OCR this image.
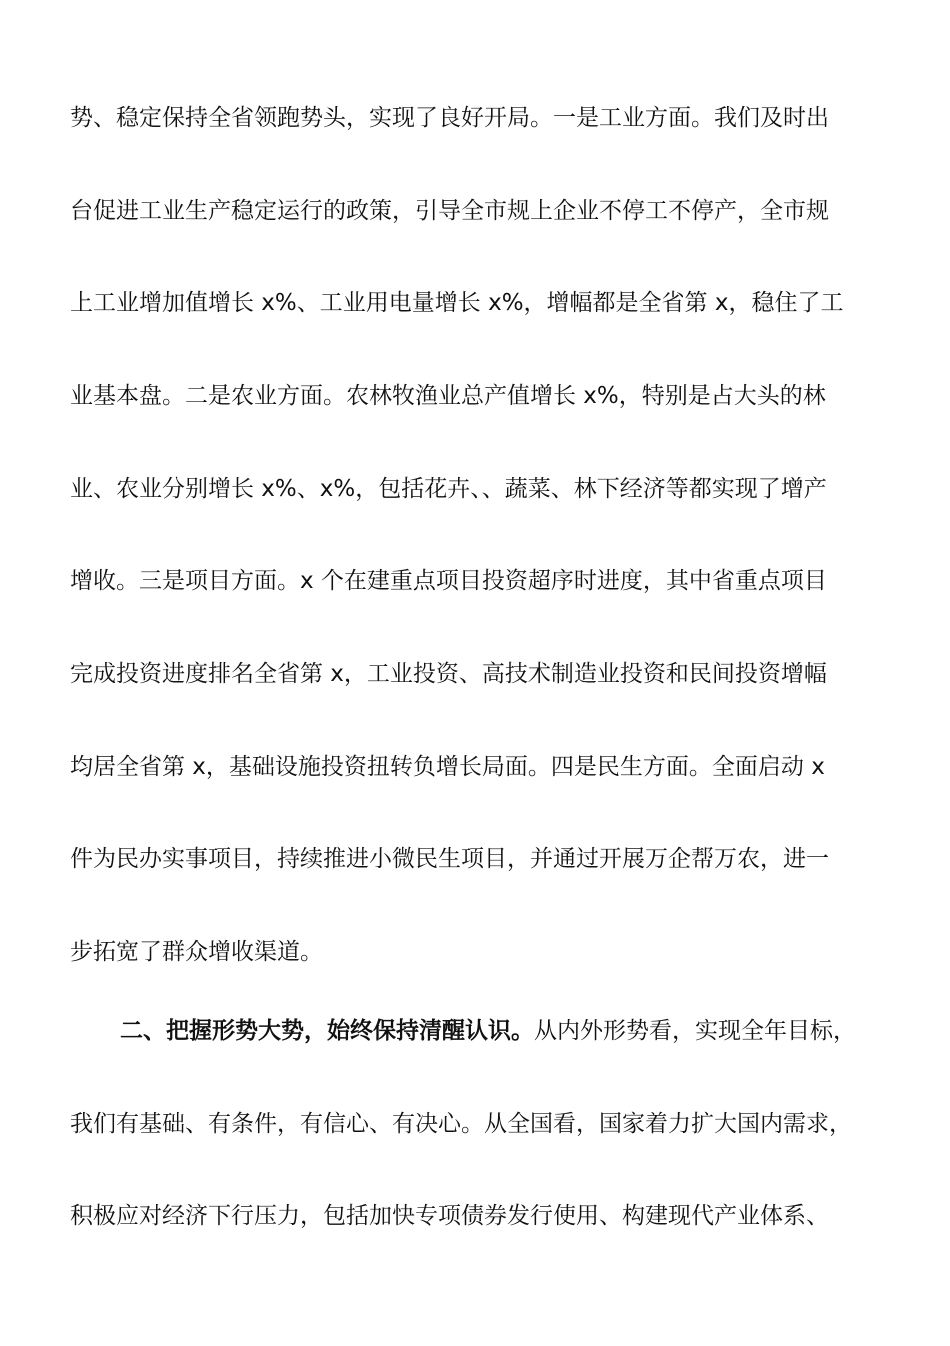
势、稳定保持全省领跑势头，实现了良好开局。一是工业方面。我们及时出
台促进工业生产稳定运行的政策，引导全市规上企业不停工不停产，全市规
上工业增加值增长 x%、工业用电量增长 x%，增幅都是全省第 x，稳住了工
业基本盘。二是农业方面。农林牧渔业总产值增长 x%，特别是占大头的林
业、农业分别增长 x%、x%，包括花卉、、蔬菜、林下经济等都实现了增产
增收。三是项目方面。x 个在建重点项目投资超序时进度，其中省重点项目
完成投资进度排名全省第 x，工业投资、高技术制造业投资和民间投资增幅
均居全省第 x，基础设施投资扭转负增长局面。四是民生方面。全面启动 x
件为民办实事项目，持续推进小微民生项目，并通过开展万企帮万农，进一
步拓宽了群众增收渠道。
二、把握形势大势，始终保持清醒认识。从内外形势看，实现全年目标，
我们有基础、有条件，有信心、有决心。从全国看，国家着力扩大国内需求，
积极应对经济下行压力，包括加快专项债券发行使用、构建现代产业体系、
